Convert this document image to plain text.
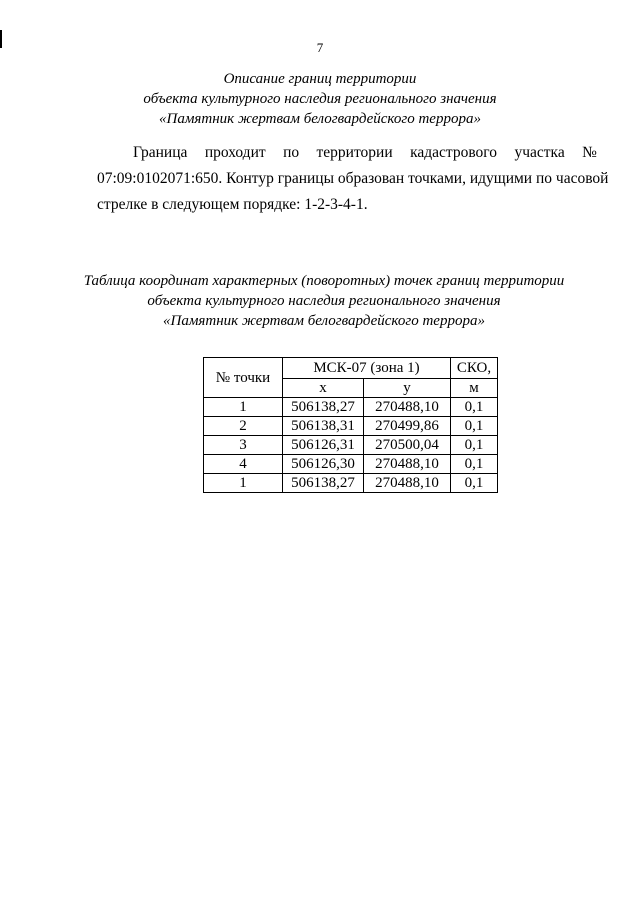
7
Описание границ территории
объекта культурного наследия регионального значения
«Памятник жертвам белогвардейского террора»
Граница проходит по территории кадастрового участка №
07:09:0102071:650. Контур границы образован точками, идущими по часовой
стрелке в следующем порядке: 1-2-3-4-1.
Таблица координат характерных (поворотных) точек границ территории
объекта культурного наследия регионального значения
«Памятник жертвам белогвардейского террора»
№ точки	МСК-07 (зона 1)		СКО,
	x	y	м
1	506138,27	270488,10	0,1
2	506138,31	270499,86	0,1
3	506126,31	270500,04	0,1
4	506126,30	270488,10	0,1
1	506138,27	270488,10	0,1
